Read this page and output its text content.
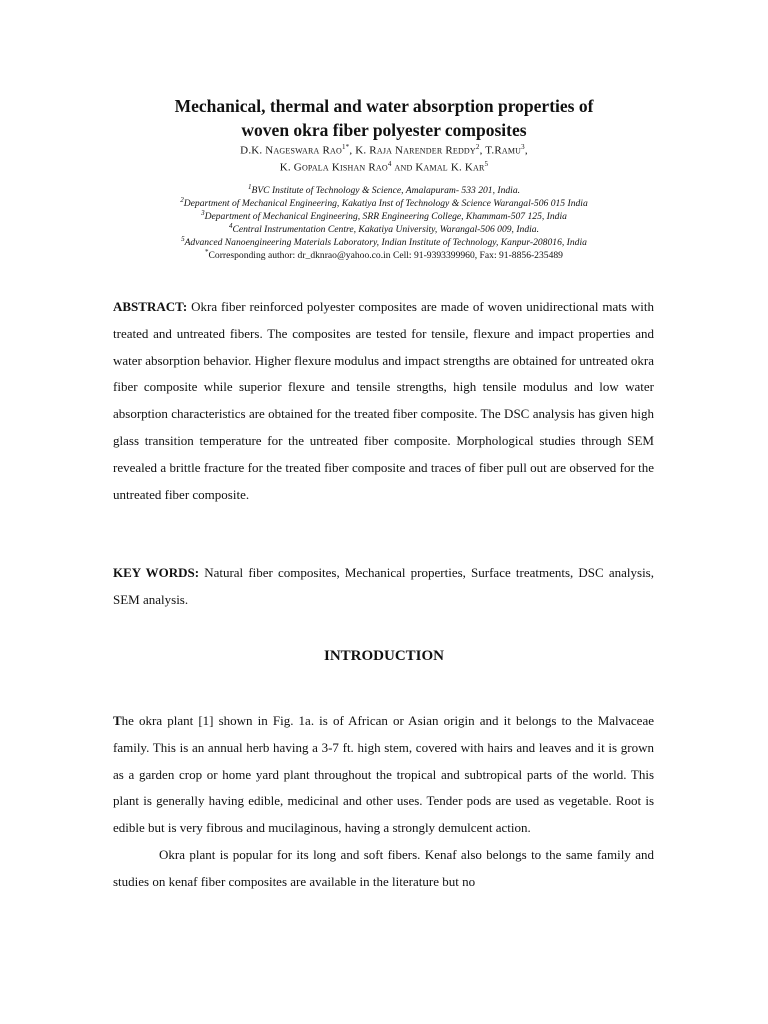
Mechanical, thermal and water absorption properties of
woven okra fiber polyester composites
D.K. Nageswara Rao$^{1*}$, K. Raja Narender Reddy$^2$, T.Ramu$^3$,
K. Gopala Kishan Rao$^4$ and Kamal K. Kar$^5$
$^1$BVC Institute of Technology & Science, Amalapuram- 533 201, India.
$^2$Department of Mechanical Engineering, Kakatiya Inst of Technology & Science Warangal-506 015 India
$^3$Department of Mechanical Engineering, SRR Engineering College, Khammam-507 125, India
$^4$Central Instrumentation Centre, Kakatiya University, Warangal-506 009, India.
$^5$Advanced Nanoengineering Materials Laboratory, Indian Institute of Technology, Kanpur-208016, India
*Corresponding author: dr_dknrao@yahoo.co.in Cell: 91-9393399960, Fax: 91-8856-235489
ABSTRACT: Okra fiber reinforced polyester composites are made of woven unidirectional mats with treated and untreated fibers. The composites are tested for tensile, flexure and impact properties and water absorption behavior. Higher flexure modulus and impact strengths are obtained for untreated okra fiber composite while superior flexure and tensile strengths, high tensile modulus and low water absorption characteristics are obtained for the treated fiber composite. The DSC analysis has given high glass transition temperature for the untreated fiber composite. Morphological studies through SEM revealed a brittle fracture for the treated fiber composite and traces of fiber pull out are observed for the untreated fiber composite.
KEY WORDS: Natural fiber composites, Mechanical properties, Surface treatments, DSC analysis, SEM analysis.
INTRODUCTION

The okra plant [1] shown in Fig. 1a. is of African or Asian origin and it belongs to the Malvaceae family. This is an annual herb having a 3-7 ft. high stem, covered with hairs and leaves and it is grown as a garden crop or home yard plant throughout the tropical and subtropical parts of the world. This plant is generally having edible, medicinal and other uses. Tender pods are used as vegetable. Root is edible but is very fibrous and mucilaginous, having a strongly demulcent action.

Okra plant is popular for its long and soft fibers. Kenaf also belongs to the same family and studies on kenaf fiber composites are available in the literature but no
